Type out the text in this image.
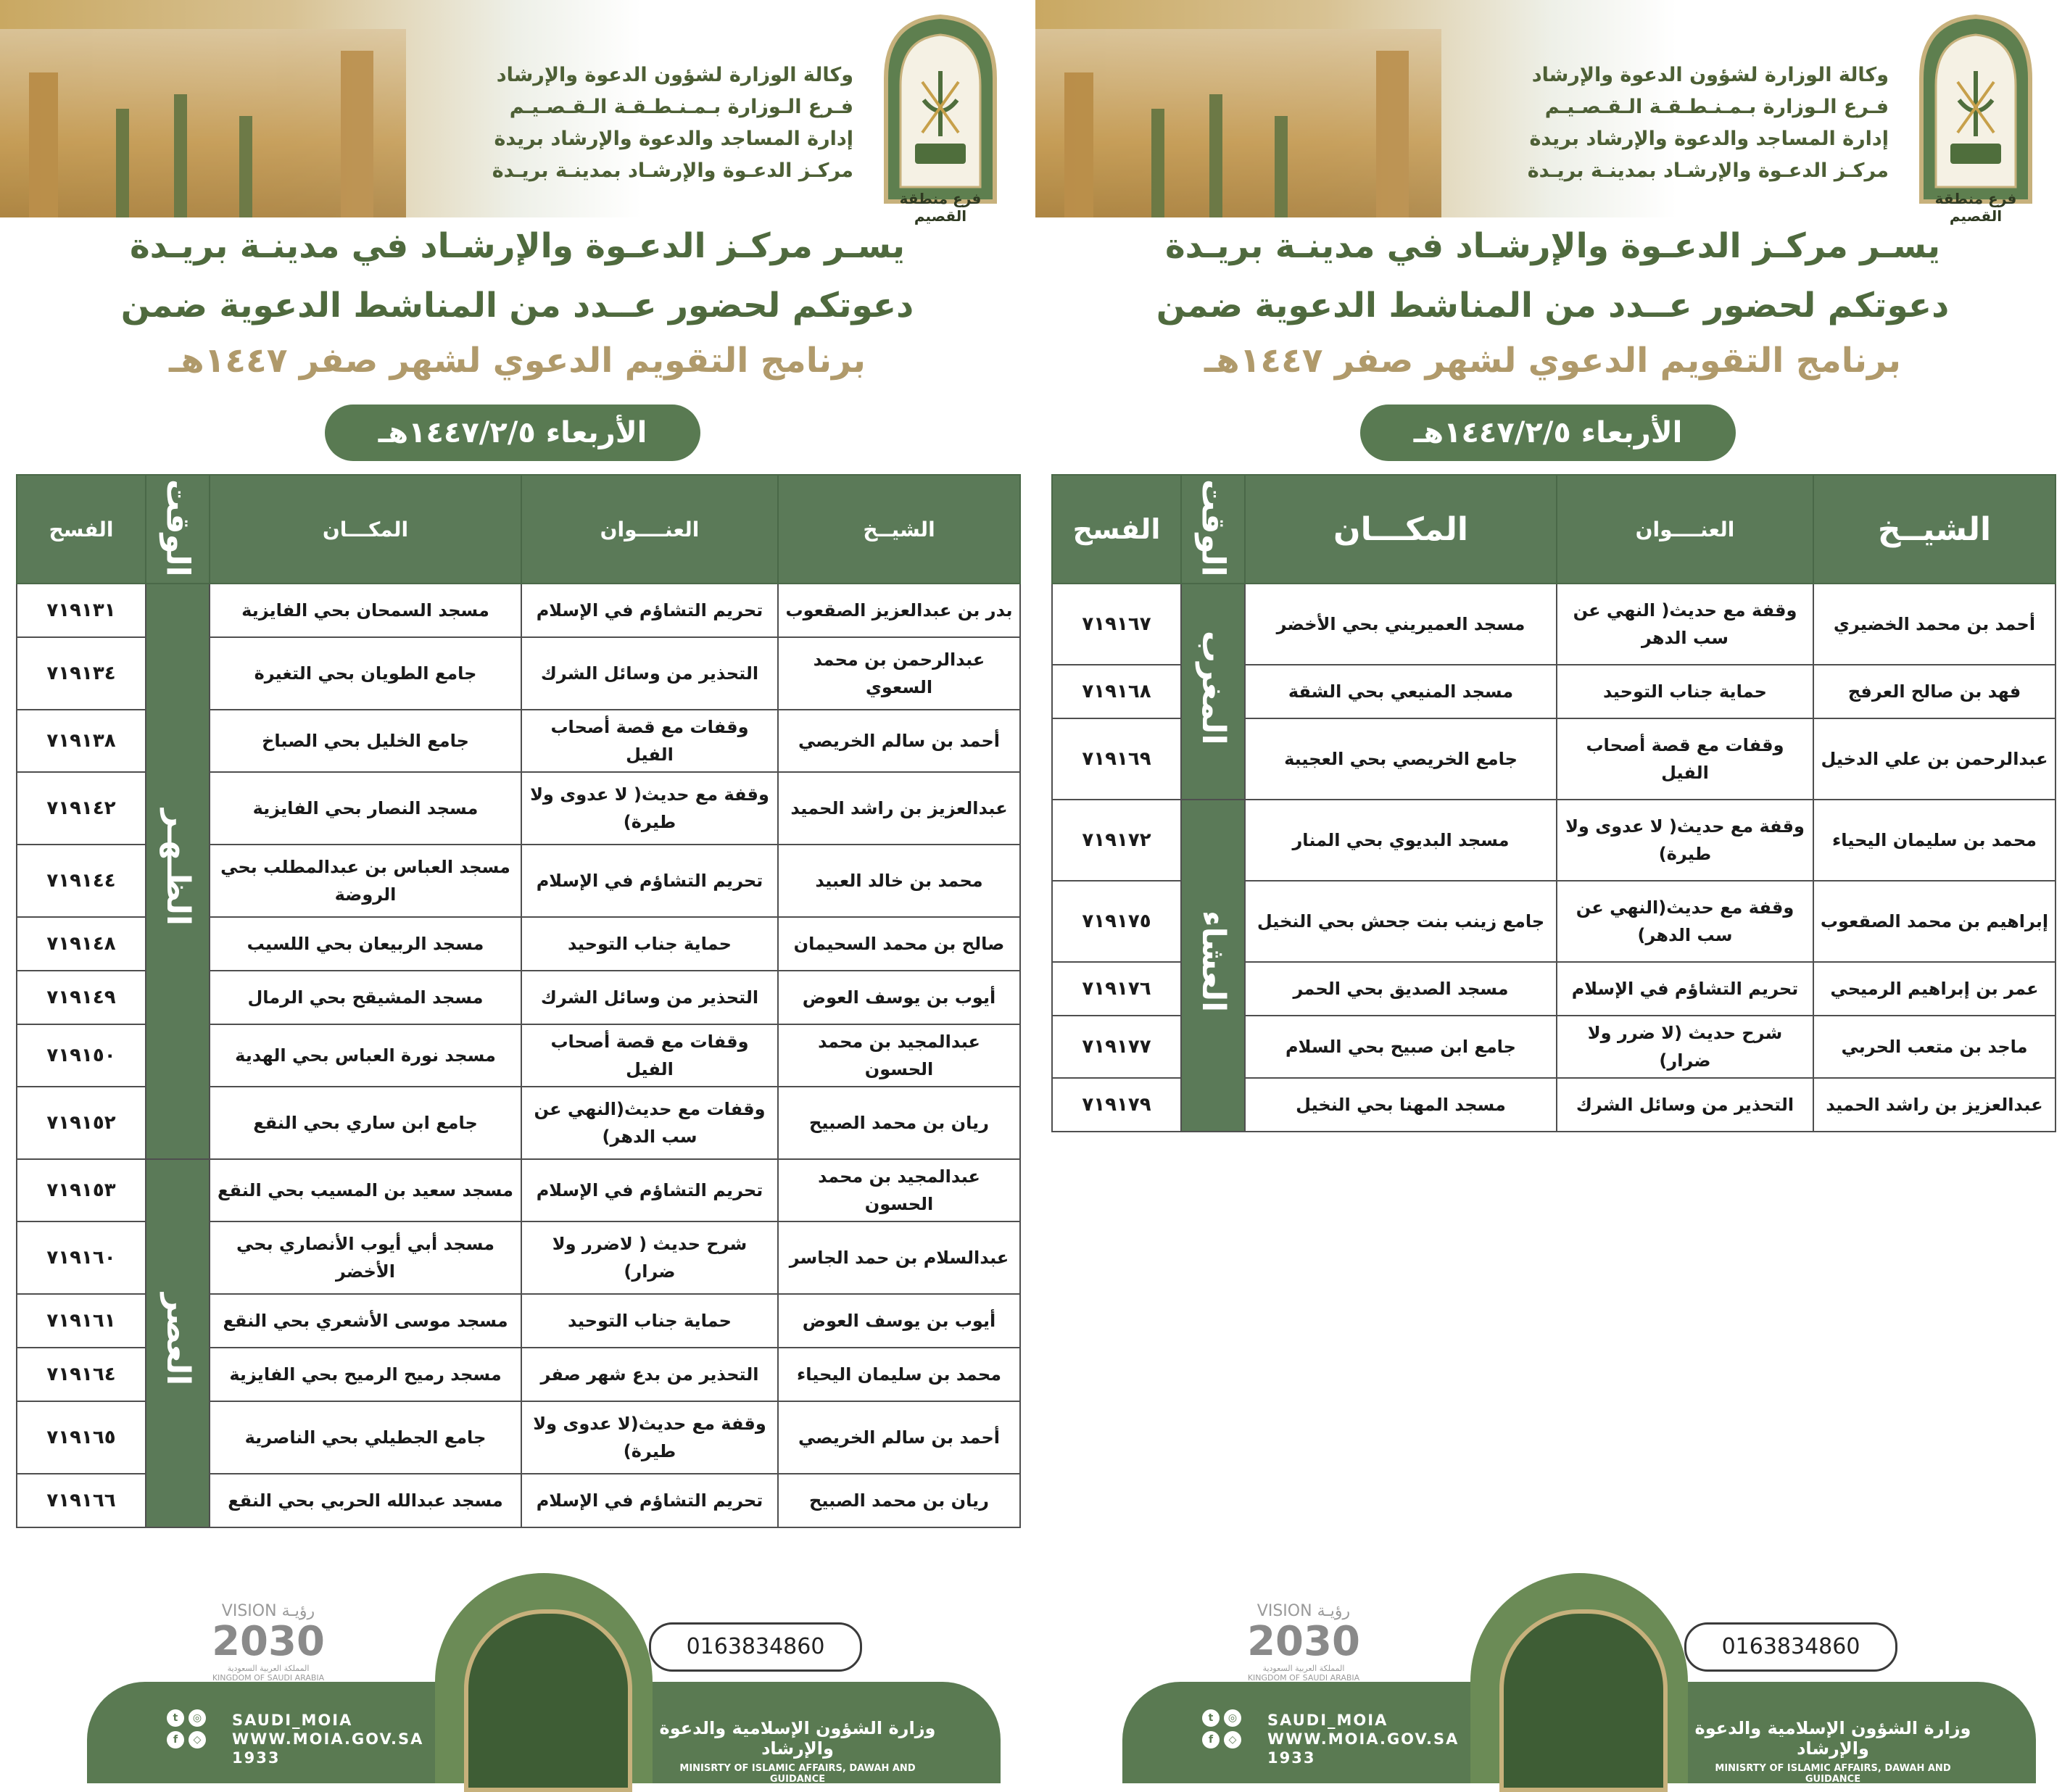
وكالة الوزارة لشؤون الدعوة والإرشاد
فـرع الـوزارة بـمـنـطـقـة الـقـصـيـم
إدارة المساجد والدعوة والإرشاد بريدة
مركـز الدعـوة والإرشـاد بمدينـة بريـدة
فرع منطقة القصيم
يسـر مركـز الدعـوة والإرشـاد في مدينـة بريـدة
دعوتكم لحضور عــدد من المناشط الدعوية ضمن
برنامج التقويم الدعوي لشهر صفر ١٤٤٧هـ
الأربعاء ١٤٤٧/٢/٥هـ
الشيــخ	العنــــوان	المكـــان	الوقت	الفسح
بدر بن عبدالعزيز الصقعوب	تحريم التشاؤم في الإسلام	مسجد السمحان بحي الفايزية	الظـهـر	٧١٩١٣١
عبدالرحمن بن محمد السعوي	التحذير من وسائل الشرك	جامع الطويان بحي التغيرة		٧١٩١٣٤
أحمد بن سالم الخريصي	وقفات مع قصة أصحاب الفيل	جامع الخليل بحي الصباخ		٧١٩١٣٨
عبدالعزيز بن راشد الحميد	وقفة مع حديث( لا عدوى ولا طيرة)	مسجد النصار بحي الفايزية		٧١٩١٤٢
محمد بن خالد العبيد	تحريم التشاؤم في الإسلام	مسجد العباس بن عبدالمطلب بحي الروضة		٧١٩١٤٤
صالح بن محمد السحيمان	حماية جناب التوحيد	مسجد الربيعان بحي اللسيب		٧١٩١٤٨
أيوب بن يوسف العوض	التحذير من وسائل الشرك	مسجد المشيقح بحي الرمال		٧١٩١٤٩
عبدالمجيد بن محمد الحسون	وقفات مع قصة أصحاب الفيل	مسجد نورة العباس بحي الهدية		٧١٩١٥٠
ريان بن محمد الصبيح	وقفات مع حديث(النهي عن سب الدهر)	جامع ابن ساري بحي النقع		٧١٩١٥٢
عبدالمجيد بن محمد الحسون	تحريم التشاؤم في الإسلام	مسجد سعيد بن المسيب بحي النقع	العصر	٧١٩١٥٣
عبدالسلام بن حمد الجاسر	شرح حديث ( لاضرر ولا ضرار)	مسجد أبي أيوب الأنصاري بحي الأخضر		٧١٩١٦٠
أيوب بن يوسف العوض	حماية جناب التوحيد	مسجد موسى الأشعري بحي النقع		٧١٩١٦١
محمد بن سليمان اليحياء	التحذير من بدع شهر صفر	مسجد رميح الرميح بحي الفايزية		٧١٩١٦٤
أحمد بن سالم الخريصي	وقفة مع حديث(لا عدوى ولا طيرة)	جامع الجطيلي بحي الناصرية		٧١٩١٦٥
ريان بن محمد الصبيح	تحريم التشاؤم في الإسلام	مسجد عبدالله الحربي بحي النقع		٧١٩١٦٦
0163834860
VISION رؤيـة
2030
المملكة العربية السعودية KINGDOM OF SAUDI ARABIA
t	◎
f	◇
SAUDI_MOIA
WWW.MOIA.GOV.SA
1933
وزارة الشؤون الإسلامية والدعوة والإرشاد
MINISRTY OF ISLAMIC AFFAIRS, DAWAH AND GUIDANCE
وكالة الوزارة لشؤون الدعوة والإرشاد
فـرع الـوزارة بـمـنـطـقـة الـقـصـيـم
إدارة المساجد والدعوة والإرشاد بريدة
مركـز الدعـوة والإرشـاد بمدينـة بريـدة
فرع منطقة القصيم
يسـر مركـز الدعـوة والإرشـاد في مدينـة بريـدة
دعوتكم لحضور عــدد من المناشط الدعوية ضمن
برنامج التقويم الدعوي لشهر صفر ١٤٤٧هـ
الأربعاء ١٤٤٧/٢/٥هـ
الشيــخ	العنــــوان	المكـــان	الوقت	الفسح
أحمد بن محمد الخضيري	وقفة مع حديث( النهي عن سب الدهر	مسجد العميريني بحي الأخضر	المغرب	٧١٩١٦٧
فهد بن صالح العرفج	حماية جناب التوحيد	مسجد المنيعي بحي الشقة		٧١٩١٦٨
عبدالرحمن بن علي الدخيل	وقفات مع قصة أصحاب الفيل	جامع الخريصي بحي العجيبة		٧١٩١٦٩
محمد بن سليمان اليحياء	وقفة مع حديث( لا عدوى ولا طيرة)	مسجد البديوي بحي المنار	العشاء	٧١٩١٧٢
إبراهيم بن محمد الصقعوب	وقفة مع حديث(النهي عن سب الدهر)	جامع زينب بنت جحش بحي النخيل		٧١٩١٧٥
عمر بن إبراهيم الرميحي	تحريم التشاؤم في الإسلام	مسجد الصديق بحي الحمر		٧١٩١٧٦
ماجد بن متعب الحربي	شرح حديث (لا ضرر ولا ضرار)	جامع ابن صبيح بحي السلام		٧١٩١٧٧
عبدالعزيز بن راشد الحميد	التحذير من وسائل الشرك	مسجد المهنا بحي النخيل		٧١٩١٧٩
0163834860
VISION رؤيـة
2030
المملكة العربية السعودية KINGDOM OF SAUDI ARABIA
t	◎
f	◇
SAUDI_MOIA
WWW.MOIA.GOV.SA
1933
وزارة الشؤون الإسلامية والدعوة والإرشاد
MINISRTY OF ISLAMIC AFFAIRS, DAWAH AND GUIDANCE
